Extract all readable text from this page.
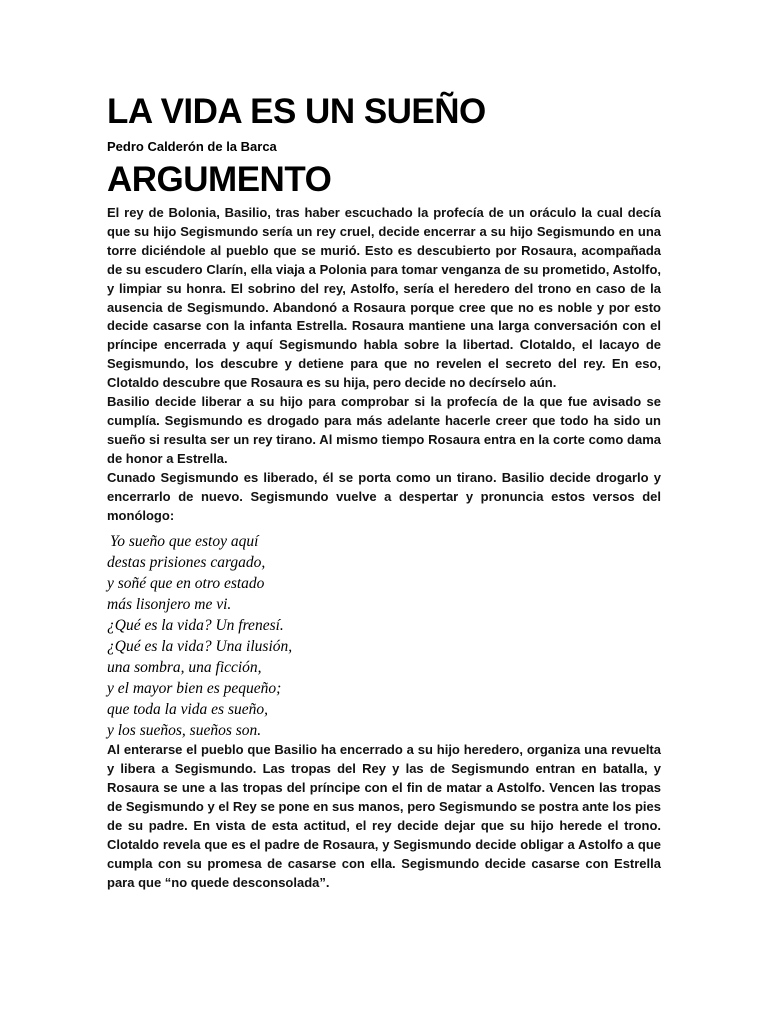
LA VIDA ES UN SUEÑO

Pedro Calderón de la Barca

ARGUMENTO

El rey de Bolonia, Basilio, tras haber escuchado la profecía de un oráculo la cual decía que su hijo Segismundo sería un rey cruel, decide encerrar a su hijo Segismundo en una torre diciéndole al pueblo que se murió. Esto es descubierto por Rosaura, acompañada de su escudero Clarín, ella viaja a Polonia para tomar venganza de su prometido, Astolfo, y limpiar su honra. El sobrino del rey, Astolfo, sería el heredero del trono en caso de la ausencia de Segismundo. Abandonó a Rosaura porque cree que no es noble y por esto decide casarse con la infanta Estrella. Rosaura mantiene una larga conversación con el príncipe encerrada y aquí Segismundo habla sobre la libertad. Clotaldo, el lacayo de Segismundo, los descubre y detiene para que no revelen el secreto del rey. En eso, Clotaldo descubre que Rosaura es su hija, pero decide no decírselo aún.

Basilio decide liberar a su hijo para comprobar si la profecía de la que fue avisado se cumplía. Segismundo es drogado para más adelante hacerle creer que todo ha sido un sueño si resulta ser un rey tirano. Al mismo tiempo Rosaura entra en la corte como dama de honor a Estrella.

Cunado Segismundo es liberado, él se porta como un tirano. Basilio decide drogarlo y encerrarlo de nuevo. Segismundo vuelve a despertar y pronuncia estos versos del monólogo:

Yo sueño que estoy aquí
destas prisiones cargado,
y soñé que en otro estado
más lisonjero me vi.
¿Qué es la vida? Un frenesí.
¿Qué es la vida? Una ilusión,
una sombra, una ficción,
y el mayor bien es pequeño;
que toda la vida es sueño,
y los sueños, sueños son.

Al enterarse el pueblo que Basilio ha encerrado a su hijo heredero, organiza una revuelta y libera a Segismundo. Las tropas del Rey y las de Segismundo entran en batalla, y Rosaura se une a las tropas del príncipe con el fin de matar a Astolfo. Vencen las tropas de Segismundo y el Rey se pone en sus manos, pero Segismundo se postra ante los pies de su padre. En vista de esta actitud, el rey decide dejar que su hijo herede el trono. Clotaldo revela que es el padre de Rosaura, y Segismundo decide obligar a Astolfo a que cumpla con su promesa de casarse con ella. Segismundo decide casarse con Estrella para que “no quede desconsolada”.
